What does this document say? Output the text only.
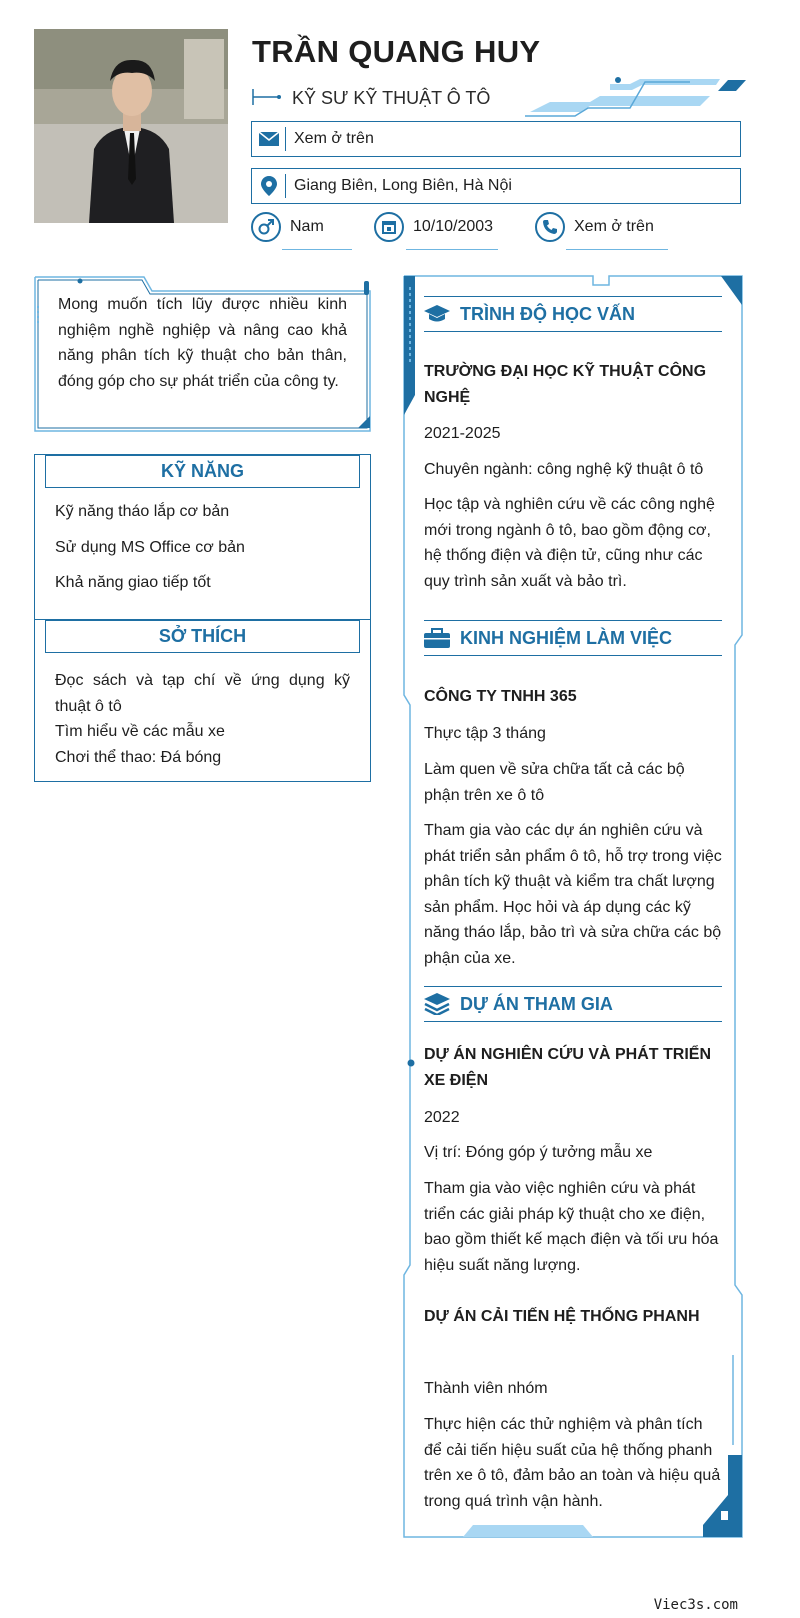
TRẦN QUANG HUY
KỸ SƯ KỸ THUẬT Ô TÔ
Xem ở trên
Giang Biên, Long Biên, Hà Nội
Nam	10/10/2003	Xem ở trên
Mong muốn tích lũy được nhiều kinh nghiệm nghề nghiệp và nâng cao khả năng phân tích kỹ thuật cho bản thân, đóng góp cho sự phát triển của công ty.
KỸ NĂNG
Kỹ năng tháo lắp cơ bản
Sử dụng MS Office cơ bản
Khả năng giao tiếp tốt
SỞ THÍCH
Đọc sách và tạp chí về ứng dụng kỹ thuật ô tô
Tìm hiểu về các mẫu xe
Chơi thể thao: Đá bóng
TRÌNH ĐỘ HỌC VẤN
TRƯỜNG ĐẠI HỌC KỸ THUẬT CÔNG NGHỆ
2021-2025
Chuyên ngành: công nghệ kỹ thuật ô tô
Học tập và nghiên cứu về các công nghệ mới trong ngành ô tô, bao gồm động cơ, hệ thống điện và điện tử, cũng như các quy trình sản xuất và bảo trì.
KINH NGHIỆM LÀM VIỆC
CÔNG TY TNHH 365
Thực tập 3 tháng
Làm quen về sửa chữa tất cả các bộ phận trên xe ô tô
Tham gia vào các dự án nghiên cứu và phát triển sản phẩm ô tô, hỗ trợ trong việc phân tích kỹ thuật và kiểm tra chất lượng sản phẩm. Học hỏi và áp dụng các kỹ năng tháo lắp, bảo trì và sửa chữa các bộ phận của xe.
DỰ ÁN THAM GIA
DỰ ÁN NGHIÊN CỨU VÀ PHÁT TRIỂN XE ĐIỆN
2022
Vị trí: Đóng góp ý tưởng mẫu xe
Tham gia vào việc nghiên cứu và phát triển các giải pháp kỹ thuật cho xe điện, bao gồm thiết kế mạch điện và tối ưu hóa hiệu suất năng lượng.
DỰ ÁN CẢI TIẾN HỆ THỐNG PHANH
Thành viên nhóm
Thực hiện các thử nghiệm và phân tích để cải tiến hiệu suất của hệ thống phanh trên xe ô tô, đảm bảo an toàn và hiệu quả trong quá trình vận hành.
Viec3s.com
